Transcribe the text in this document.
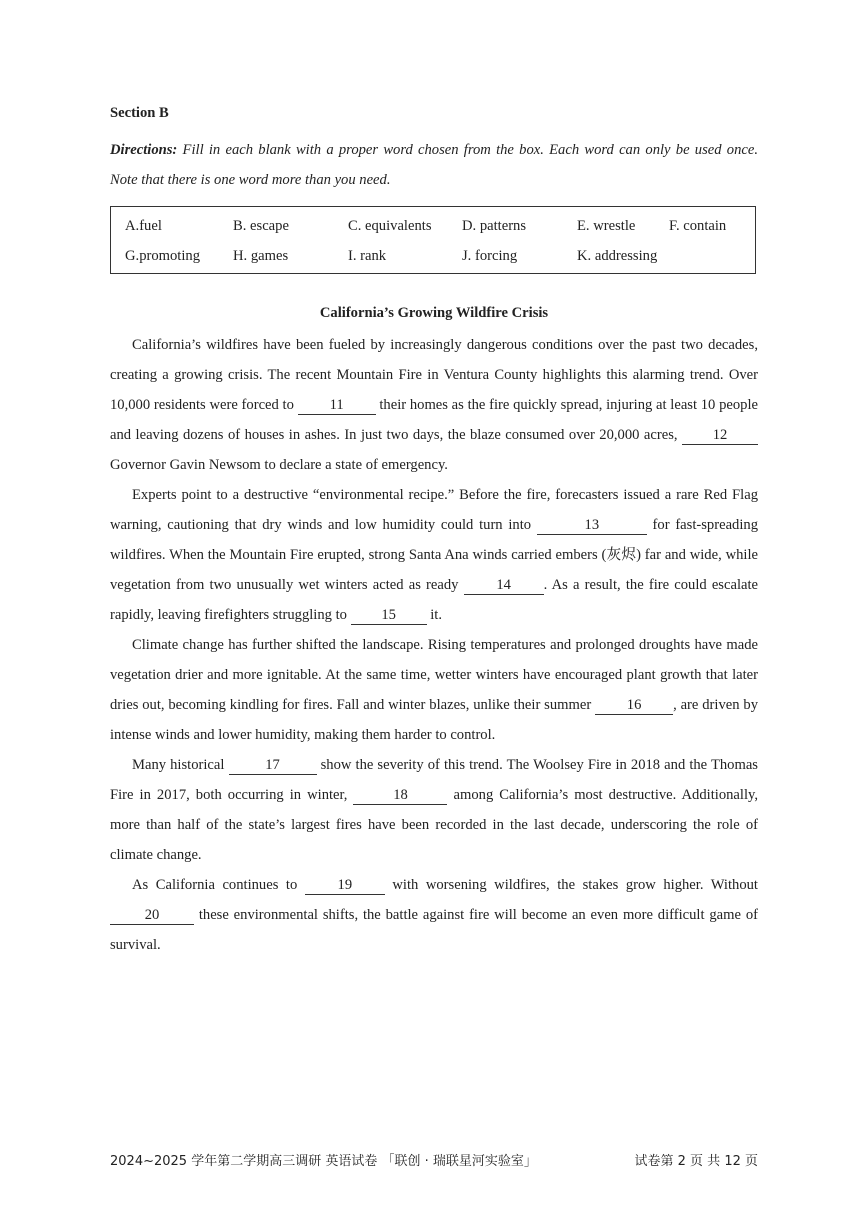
Section B
Directions: Fill in each blank with a proper word chosen from the box. Each word can only be used once. Note that there is one word more than you need.
A.fuel	B. escape	C. equivalents D. patterns	E. wrestle F. contain
G.promoting H. games	I. rank	J. forcing	K. addressing
California’s Growing Wildfire Crisis

California’s wildfires have been fueled by increasingly dangerous conditions over the past two decades, creating a growing crisis. The recent Mountain Fire in Ventura County highlights this alarming trend. Over 10,000 residents were forced to 11 their homes as the fire quickly spread, injuring at least 10 people and leaving dozens of houses in ashes. In just two days, the blaze consumed over 20,000 acres, 12 Governor Gavin Newsom to declare a state of emergency.

Experts point to a destructive “environmental recipe.” Before the fire, forecasters issued a rare Red Flag warning, cautioning that dry winds and low humidity could turn into	13	for fast-spreading wildfires. When the Mountain Fire erupted, strong Santa Ana winds carried embers (灰烬) far and wide, while vegetation from two unusually wet winters acted as ready 14 . As a result, the fire could escalate rapidly, leaving firefighters struggling to 15 it.

Climate change has further shifted the landscape. Rising temperatures and prolonged droughts have made vegetation drier and more ignitable. At the same time, wetter winters have encouraged plant growth that later dries out, becoming kindling for fires. Fall and winter blazes, unlike their summer 16 , are driven by intense winds and lower humidity, making them harder to control.

Many historical	17	show the severity of this trend. The Woolsey Fire in 2018 and the Thomas Fire in 2017, both occurring in winter,	18	among California’s most destructive. Additionally, more than half of the state’s largest fires have been recorded in the last decade, underscoring the role of climate change.

As California continues to 19 with worsening wildfires, the stakes grow higher. Without 20 these environmental shifts, the battle against fire will become an even more difficult game of survival.

2024~2025 学年第二学期高三调研 英语试卷 「联创 · 瑞联星河实验室」	试卷第 2 页 共 12 页
